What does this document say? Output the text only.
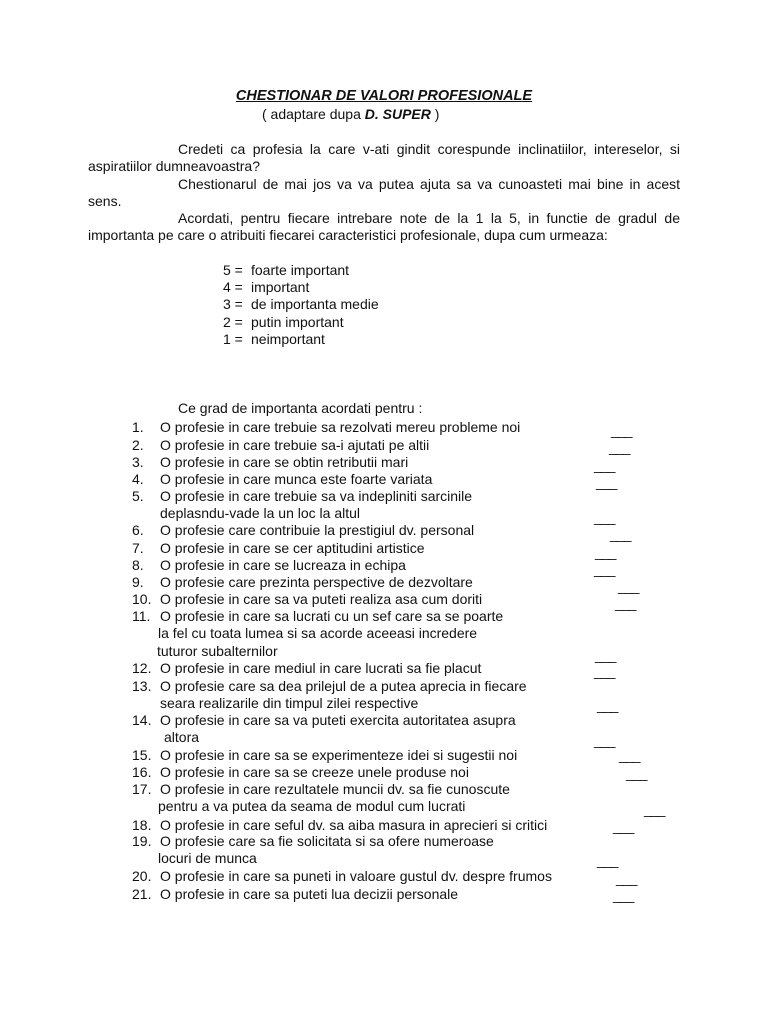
CHESTIONAR DE VALORI PROFESIONALE
( adaptare dupa D. SUPER )
Credeti ca profesia la care v-ati gindit corespunde inclinatiilor, intereselor, si aspiratiilor dumneavoastra?
Chestionarul de mai jos va va putea ajuta sa va cunoasteti mai bine in acest sens.
Acordati, pentru fiecare intrebare note de la 1 la 5, in functie de gradul de importanta pe care o atribuiti fiecarei caracteristici profesionale, dupa cum urmeaza:
5 = foarte important
4 = important
3 = de importanta medie
2 = putin important
1 = neimportant
Ce grad de importanta acordati pentru :
1. O profesie in care trebuie sa rezolvati mereu probleme noi	___
2. O profesie in care trebuie sa-i ajutati pe altii	___
3. O profesie in care se obtin retributii mari	___
4. O profesie in care munca este foarte variata	___
5. O profesie in care trebuie sa va indepliniti sarcinile
deplasndu-vade la un loc la altul	___
6. O profesie care contribuie la prestigiul dv. personal	___
7. O profesie in care se cer aptitudini artistice	___
8. O profesie in care se lucreaza in echipa	___
9. O profesie care prezinta perspective de dezvoltare	___
10. O profesie in care sa va puteti realiza asa cum doriti	___
11. O profesie in care sa lucrati cu un sef care sa se poarte
la fel cu toata lumea si sa acorde aceeasi incredere
tuturor subalternilor	___
12. O profesie in care mediul in care lucrati sa fie placut	___
13. O profesie care sa dea prilejul de a putea aprecia in fiecare
seara realizarile din timpul zilei respective	___
14. O profesie in care sa va puteti exercita autoritatea asupra
altora	___
15. O profesie in care sa se experimenteze idei si sugestii noi	___
16. O profesie in care sa se creeze unele produse noi	___
17. O profesie in care rezultatele muncii dv. sa fie cunoscute
pentru a va putea da seama de modul cum lucrati	___
18. O profesie in care seful dv. sa aiba masura in aprecieri si critici	___
19. O profesie care sa fie solicitata si sa ofere numeroase
locuri de munca	___
20. O profesie in care sa puneti in valoare gustul dv. despre frumos	___
21. O profesie in care sa puteti lua decizii personale	___
